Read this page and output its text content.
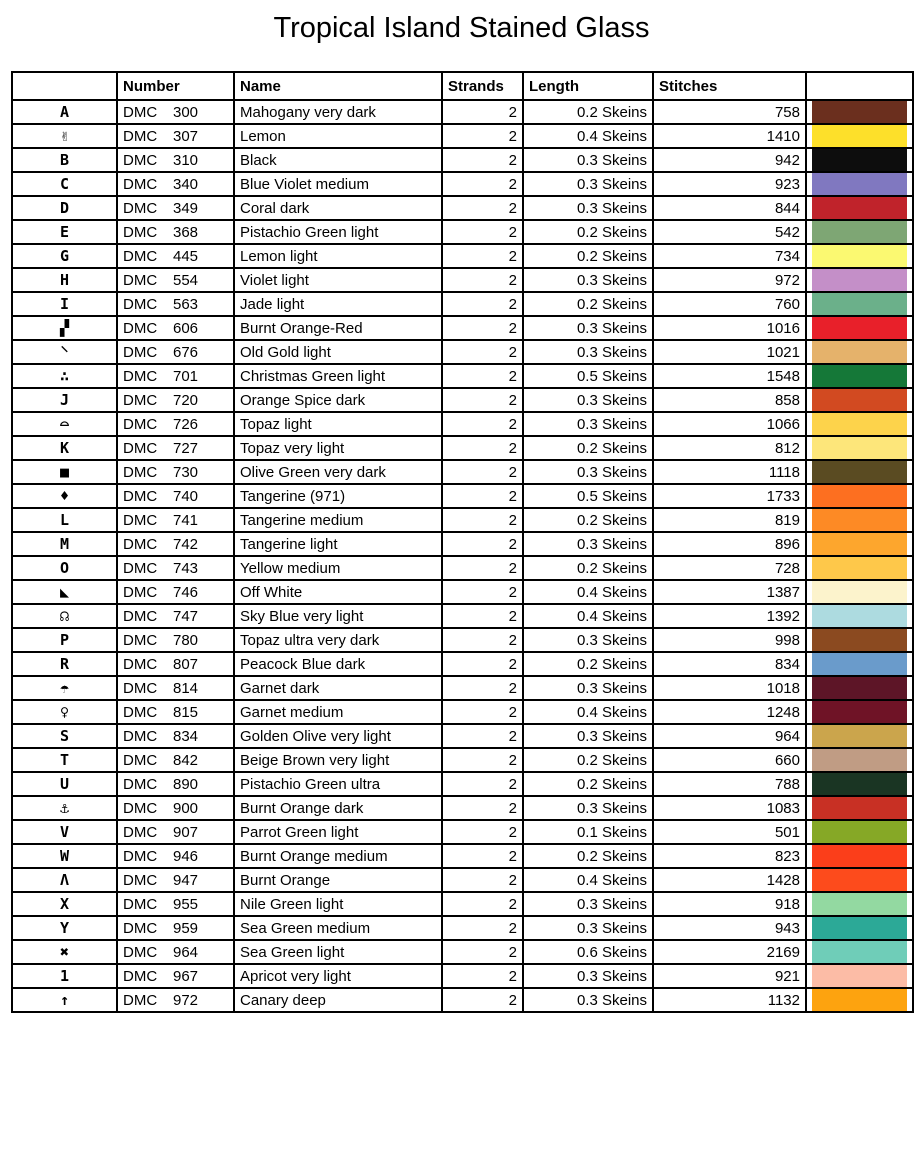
Tropical Island Stained Glass
	Number	Name	Strands	Length	Stitches	
A	DMC 300	Mahogany very dark	2	0.2 Skeins	758	

✌	DMC 307	Lemon	2	0.4 Skeins	1410	

B	DMC 310	Black	2	0.3 Skeins	942	

C	DMC 340	Blue Violet medium	2	0.3 Skeins	923	

D	DMC 349	Coral dark	2	0.3 Skeins	844	

E	DMC 368	Pistachio Green light	2	0.2 Skeins	542	

G	DMC 445	Lemon light	2	0.2 Skeins	734	

H	DMC 554	Violet light	2	0.3 Skeins	972	

I	DMC 563	Jade light	2	0.2 Skeins	760	

▞	DMC 606	Burnt Orange-Red	2	0.3 Skeins	1016	

⸌	DMC 676	Old Gold light	2	0.3 Skeins	1021	

∴	DMC 701	Christmas Green light	2	0.5 Skeins	1548	

J	DMC 720	Orange Spice dark	2	0.3 Skeins	858	

⌓	DMC 726	Topaz light	2	0.3 Skeins	1066	

K	DMC 727	Topaz very light	2	0.2 Skeins	812	

■	DMC 730	Olive Green very dark	2	0.3 Skeins	1118	

♦	DMC 740	Tangerine (971)	2	0.5 Skeins	1733	

L	DMC 741	Tangerine medium	2	0.2 Skeins	819	

M	DMC 742	Tangerine light	2	0.3 Skeins	896	

O	DMC 743	Yellow medium	2	0.2 Skeins	728	

◣	DMC 746	Off White	2	0.4 Skeins	1387	

☊	DMC 747	Sky Blue very light	2	0.4 Skeins	1392	

P	DMC 780	Topaz ultra very dark	2	0.3 Skeins	998	

R	DMC 807	Peacock Blue dark	2	0.2 Skeins	834	

☂	DMC 814	Garnet dark	2	0.3 Skeins	1018	

♀	DMC 815	Garnet medium	2	0.4 Skeins	1248	

S	DMC 834	Golden Olive very light	2	0.3 Skeins	964	

T	DMC 842	Beige Brown very light	2	0.2 Skeins	660	

U	DMC 890	Pistachio Green ultra	2	0.2 Skeins	788	

⚓	DMC 900	Burnt Orange dark	2	0.3 Skeins	1083	

V	DMC 907	Parrot Green light	2	0.1 Skeins	501	

W	DMC 946	Burnt Orange medium	2	0.2 Skeins	823	

Λ	DMC 947	Burnt Orange	2	0.4 Skeins	1428	

X	DMC 955	Nile Green light	2	0.3 Skeins	918	

Y	DMC 959	Sea Green medium	2	0.3 Skeins	943	

✖	DMC 964	Sea Green light	2	0.6 Skeins	2169	

1	DMC 967	Apricot very light	2	0.3 Skeins	921	

↑	DMC 972	Canary deep	2	0.3 Skeins	1132	
